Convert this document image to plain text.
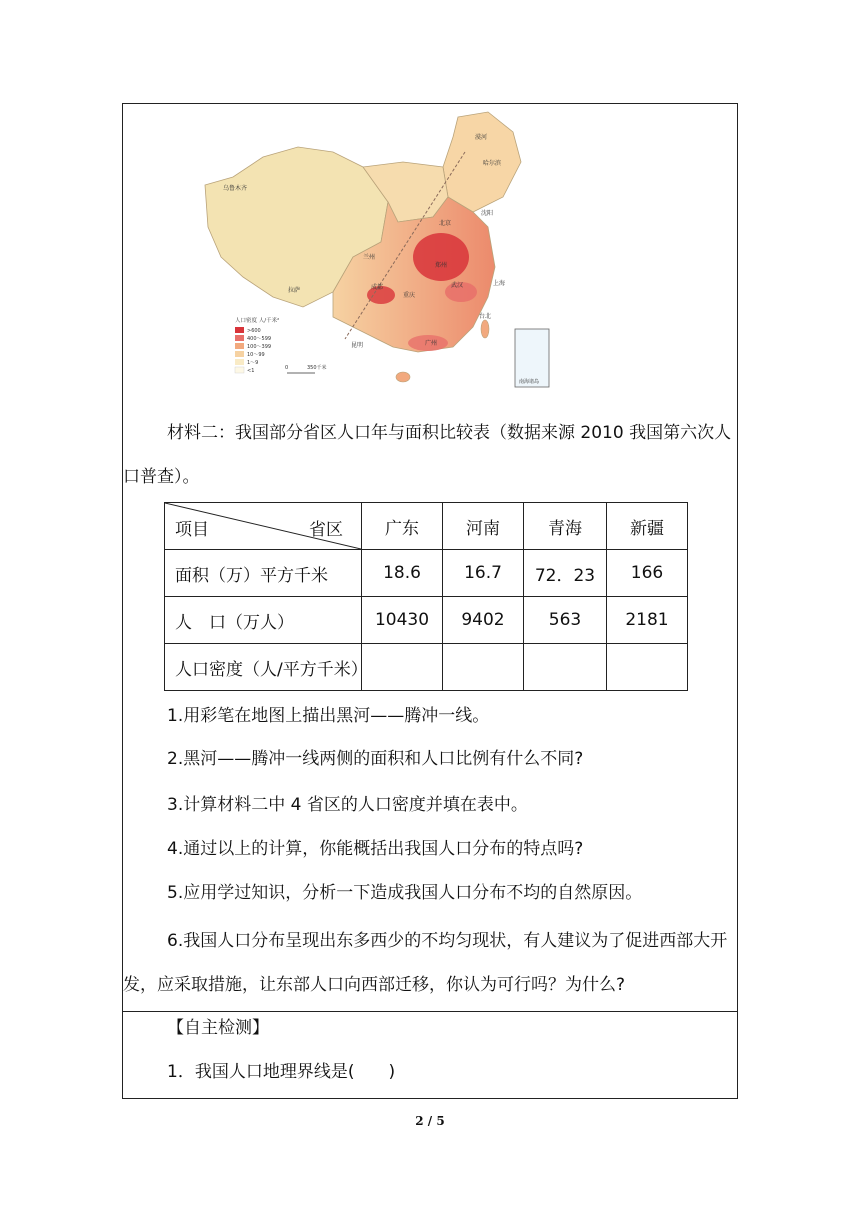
南海诸岛
漠河
哈尔滨
乌鲁木齐
北京
沈阳
兰州
上海
拉萨
台北
广州
昆明
郑州
武汉
重庆
成都
人口密度 人/千米²
>600
400～599
100～399
10～99
1～9
<1	0	350千米
材料二：我国部分省区人口年与面积比较表（数据来源 2010 我国第六次人
口普查）。
项目 省区	广东	河南	青海	新疆
面积（万）平方千米	18.6	16.7	72．23	166
人　口（万人）	10430	9402	563	2181
人口密度（人/平方千米）				
1.用彩笔在地图上描出黑河——腾冲一线。
2.黑河——腾冲一线两侧的面积和人口比例有什么不同?
3.计算材料二中 4 省区的人口密度并填在表中。
4.通过以上的计算，你能概括出我国人口分布的特点吗?
5.应用学过知识，分析一下造成我国人口分布不均的自然原因。
6.我国人口分布呈现出东多西少的不均匀现状，有人建议为了促进西部大开
发，应采取措施，让东部人口向西部迁移，你认为可行吗？为什么?
【自主检测】
1．我国人口地理界线是(　　)
2 / 5
